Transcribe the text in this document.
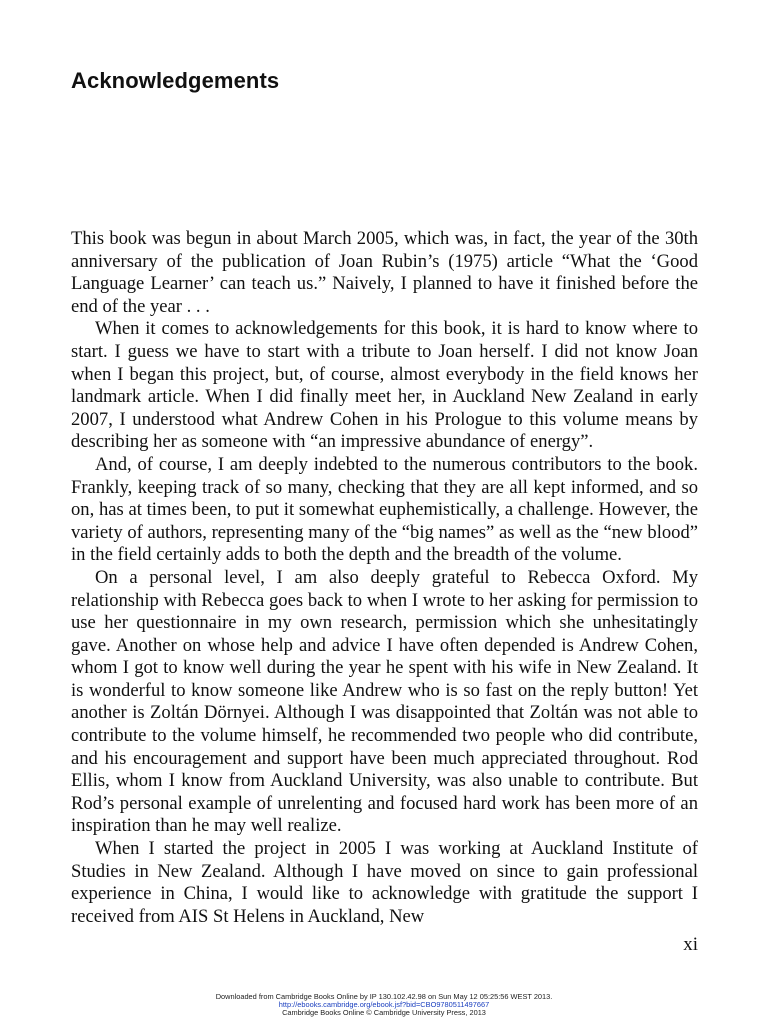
Acknowledgements

This book was begun in about March 2005, which was, in fact, the year of the 30th anniversary of the publication of Joan Rubin’s (1975) article “What the ‘Good Language Learner’ can teach us.” Naively, I planned to have it finished before the end of the year . . .

When it comes to acknowledgements for this book, it is hard to know where to start. I guess we have to start with a tribute to Joan herself. I did not know Joan when I began this project, but, of course, almost everybody in the field knows her landmark article. When I did finally meet her, in Auckland New Zealand in early 2007, I understood what Andrew Cohen in his Prologue to this volume means by describing her as someone with “an impressive abundance of energy”.

And, of course, I am deeply indebted to the numerous contributors to the book. Frankly, keeping track of so many, checking that they are all kept informed, and so on, has at times been, to put it somewhat euphemistically, a challenge. However, the variety of authors, representing many of the “big names” as well as the “new blood” in the field certainly adds to both the depth and the breadth of the volume.

On a personal level, I am also deeply grateful to Rebecca Oxford. My relationship with Rebecca goes back to when I wrote to her asking for permission to use her questionnaire in my own research, permission which she unhesitatingly gave. Another on whose help and advice I have often depended is Andrew Cohen, whom I got to know well during the year he spent with his wife in New Zealand. It is wonderful to know someone like Andrew who is so fast on the reply button! Yet another is Zoltán Dörnyei. Although I was disappointed that Zoltán was not able to contribute to the volume himself, he recommended two people who did contribute, and his encouragement and support have been much appreciated throughout. Rod Ellis, whom I know from Auckland University, was also unable to contribute. But Rod’s personal example of unrelenting and focused hard work has been more of an inspiration than he may well realize.

When I started the project in 2005 I was working at Auckland Institute of Studies in New Zealand. Although I have moved on since to gain professional experience in China, I would like to acknowledge with gratitude the support I received from AIS St Helens in Auckland, New

xi
Downloaded from Cambridge Books Online by IP 130.102.42.98 on Sun May 12 05:25:56 WEST 2013.
http://ebooks.cambridge.org/ebook.jsf?bid=CBO9780511497667
Cambridge Books Online © Cambridge University Press, 2013
